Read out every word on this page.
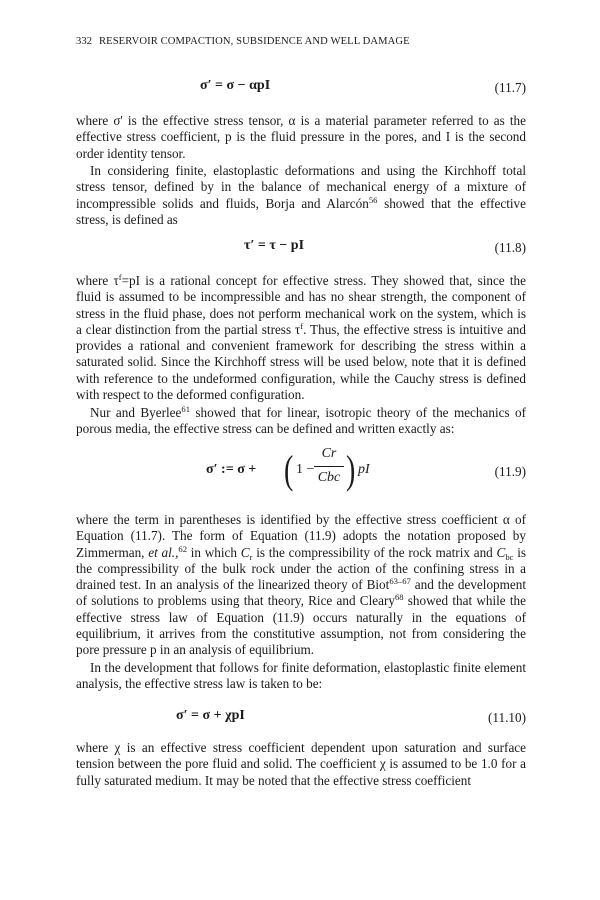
332 RESERVOIR COMPACTION, SUBSIDENCE AND WELL DAMAGE
σ′ = σ − αpI	(11.7)

where σ' is the effective stress tensor, α is a material parameter referred to as the effective stress coefficient, p is the fluid pressure in the pores, and I is the second order identity tensor.

In considering finite, elastoplastic deformations and using the Kirchhoff total stress tensor, defined by in the balance of mechanical energy of a mixture of incompressible solids and fluids, Borja and Alarcón$^{56}$ showed that the effective stress, is defined as

τ′ = τ − pI	(11.8)

where $\tau^f=pI$ is a rational concept for effective stress. They showed that, since the fluid is assumed to be incompressible and has no shear strength, the component of stress in the fluid phase, does not perform mechanical work on the system, which is a clear distinction from the partial stress $\tau^f$. Thus, the effective stress is intuitive and provides a rational and convenient framework for describing the stress within a saturated solid. Since the Kirchhoff stress will be used below, note that it is defined with reference to the undeformed configuration, while the Cauchy stress is defined with respect to the deformed configuration.

Nur and Byerlee$^{61}$ showed that for linear, isotropic theory of the mechanics of porous media, the effective stress can be defined and written exactly as:

σ′ := σ + ( 1 −
Cr
Cbc ) pI	(11.9)

where the term in parentheses is identified by the effective stress coefficient α of Equation (11.7). The form of Equation (11.9) adopts the notation proposed by Zimmerman, et al.,$^{62}$ in which $C_r$ is the compressibility of the rock matrix and $C_{bc}$ is the compressibility of the bulk rock under the action of the confining stress in a drained test. In an analysis of the linearized theory of Biot$^{63-67}$ and the development of solutions to problems using that theory, Rice and Cleary$^{68}$ showed that while the effective stress law of Equation (11.9) occurs naturally in the equations of equilibrium, it arrives from the constitutive assumption, not from considering the pore pressure p in an analysis of equilibrium.

In the development that follows for finite deformation, elastoplastic finite element analysis, the effective stress law is taken to be:

σ′ = σ + χpI	(11.10)

where χ is an effective stress coefficient dependent upon saturation and surface tension between the pore fluid and solid. The coefficient χ is assumed to be 1.0 for a fully saturated medium. It may be noted that the effective stress coefficient
